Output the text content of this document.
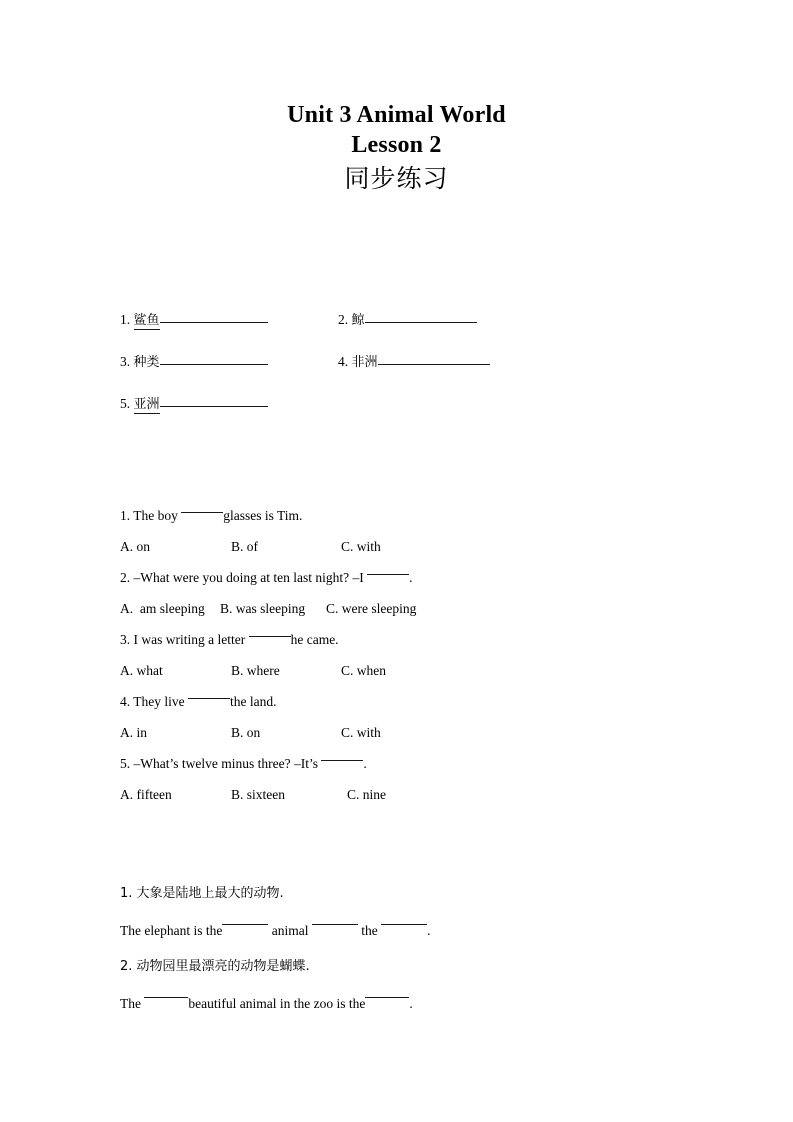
Unit 3 Animal World
Lesson 2
同步练习
1. 鲨鱼	2. 鲸
3. 种类	4. 非洲
5. 亚洲
1. The boy	glasses is Tim.
A. on	B. of	C. with
2. –What were you doing at ten last night? –I	.
A.  am sleeping B. was sleeping C. were sleeping
3. I was writing a letter	he came.
A. what	B. where	C. when
4. They live	the land.
A. in	B. on	C. with
5. –What’s twelve minus three? –It’s	.
A. fifteen	B. sixteen	C. nine
1. 大象是陆地上最大的动物.
The elephant is the	animal	the	.
2. 动物园里最漂亮的动物是蝴蝶.
The	beautiful animal in the zoo is the	.
